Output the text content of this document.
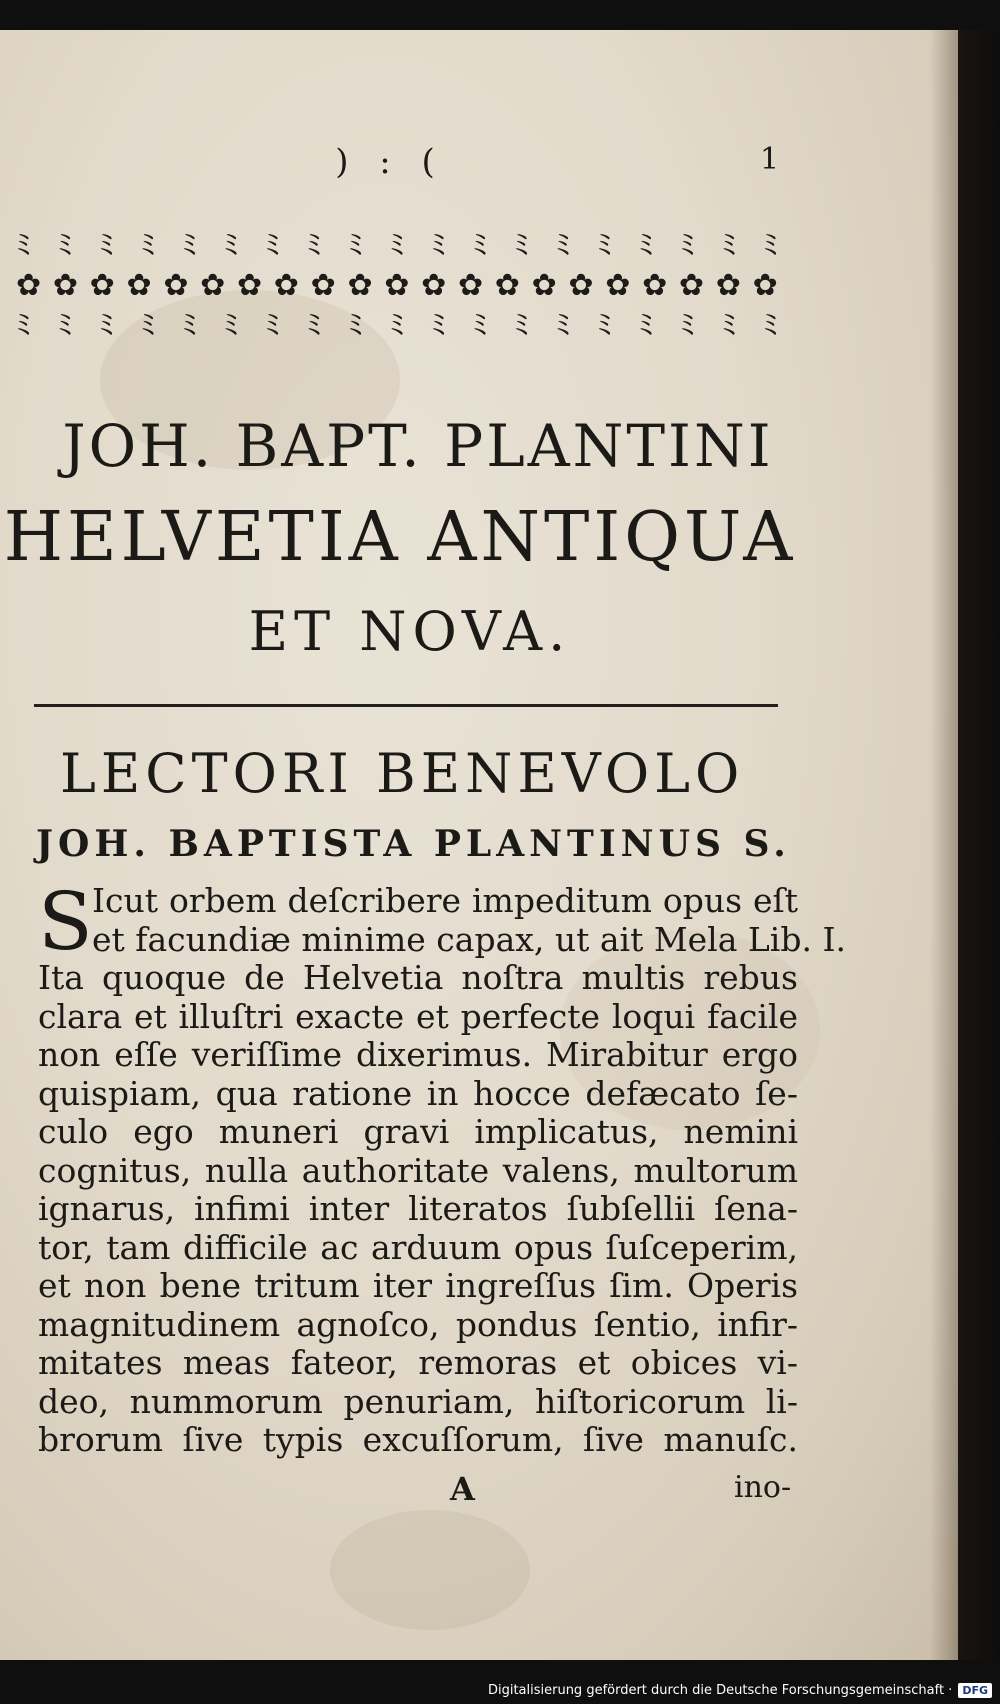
) : (	1
ﾐ ﾐ ﾐ ﾐ ﾐ ﾐ ﾐ ﾐ ﾐ ﾐ ﾐ ﾐ ﾐ ﾐ ﾐ ﾐ ﾐ ﾐ ﾐ
✿ ✿ ✿ ✿ ✿ ✿ ✿ ✿ ✿ ✿ ✿ ✿ ✿ ✿ ✿ ✿ ✿ ✿ ✿ ✿ ✿
ﾐ ﾐ ﾐ ﾐ ﾐ ﾐ ﾐ ﾐ ﾐ ﾐ ﾐ ﾐ ﾐ ﾐ ﾐ ﾐ ﾐ ﾐ ﾐ
JOH. BAPT. PLANTINI
HELVETIA ANTIQUA
ET NOVA.
LECTORI BENEVOLO
JOH. BAPTISTA PLANTINUS S.
S Icut orbem deſcribere impeditum opus eſt
et facundiæ minime capax, ut ait Mela Lib. I.
Ita quoque de Helvetia noſtra multis rebus
clara et illuſtri exacte et perfecte loqui facile
non eſſe veriſſime dixerimus. Mirabitur ergo
quispiam, qua ratione in hocce defæcato ſe-
culo ego muneri gravi implicatus, nemini
cognitus, nulla authoritate valens, multorum
ignarus, infimi inter literatos ſubſellii ſena-
tor, tam difficile ac arduum opus ſuſceperim,
et non bene tritum iter ingreſſus ſim. Operis
magnitudinem agnoſco, pondus ſentio, infir-
mitates meas fateor, remoras et obices vi-
deo, nummorum penuriam, hiſtoricorum li-
brorum ſive typis excuſſorum, ſive manuſc.
A	ino-
Digitalisierung gefördert durch die Deutsche Forschungsgemeinschaft · DFG
